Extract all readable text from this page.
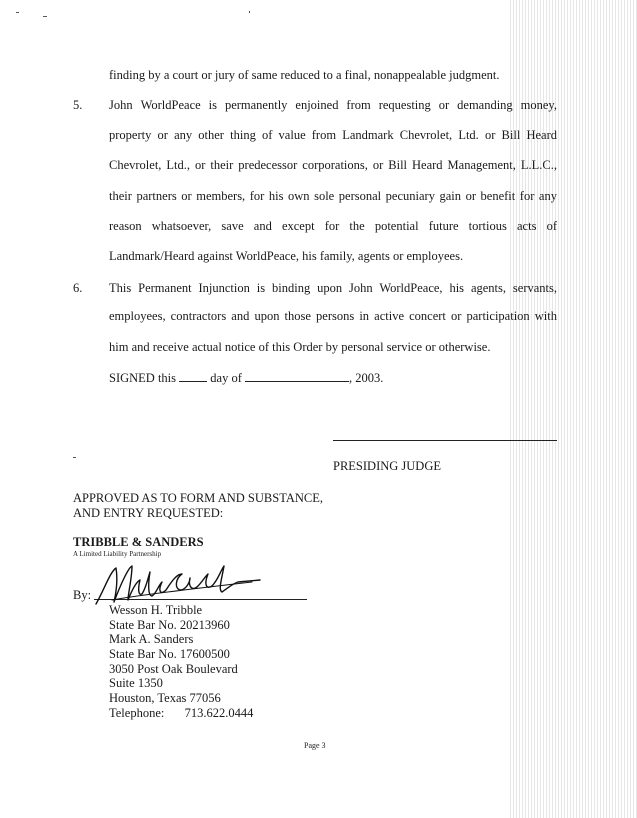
finding by a court or jury of same reduced to a final, nonappealable judgment.
5. John WorldPeace is permanently enjoined from requesting or demanding money,
property or any other thing of value from Landmark Chevrolet, Ltd. or Bill Heard
Chevrolet, Ltd., or their predecessor corporations, or Bill Heard Management, L.L.C.,
their partners or members, for his own sole personal pecuniary gain or benefit for any
reason whatsoever, save and except for the potential future tortious acts of
Landmark/Heard against WorldPeace, his family, agents or employees.
6. This Permanent Injunction is binding upon John WorldPeace, his agents, servants,
employees, contractors and upon those persons in active concert or participation with
him and receive actual notice of this Order by personal service or otherwise.
SIGNED this	day of	, 2003.
PRESIDING JUDGE
APPROVED AS TO FORM AND SUBSTANCE,
AND ENTRY REQUESTED:
TRIBBLE & SANDERS
A Limited Liability Partnership
By:
Wesson H. Tribble
State Bar No. 20213960
Mark A. Sanders
State Bar No. 17600500
3050 Post Oak Boulevard
Suite 1350
Houston, Texas 77056
Telephone: 713.622.0444
Page 3
